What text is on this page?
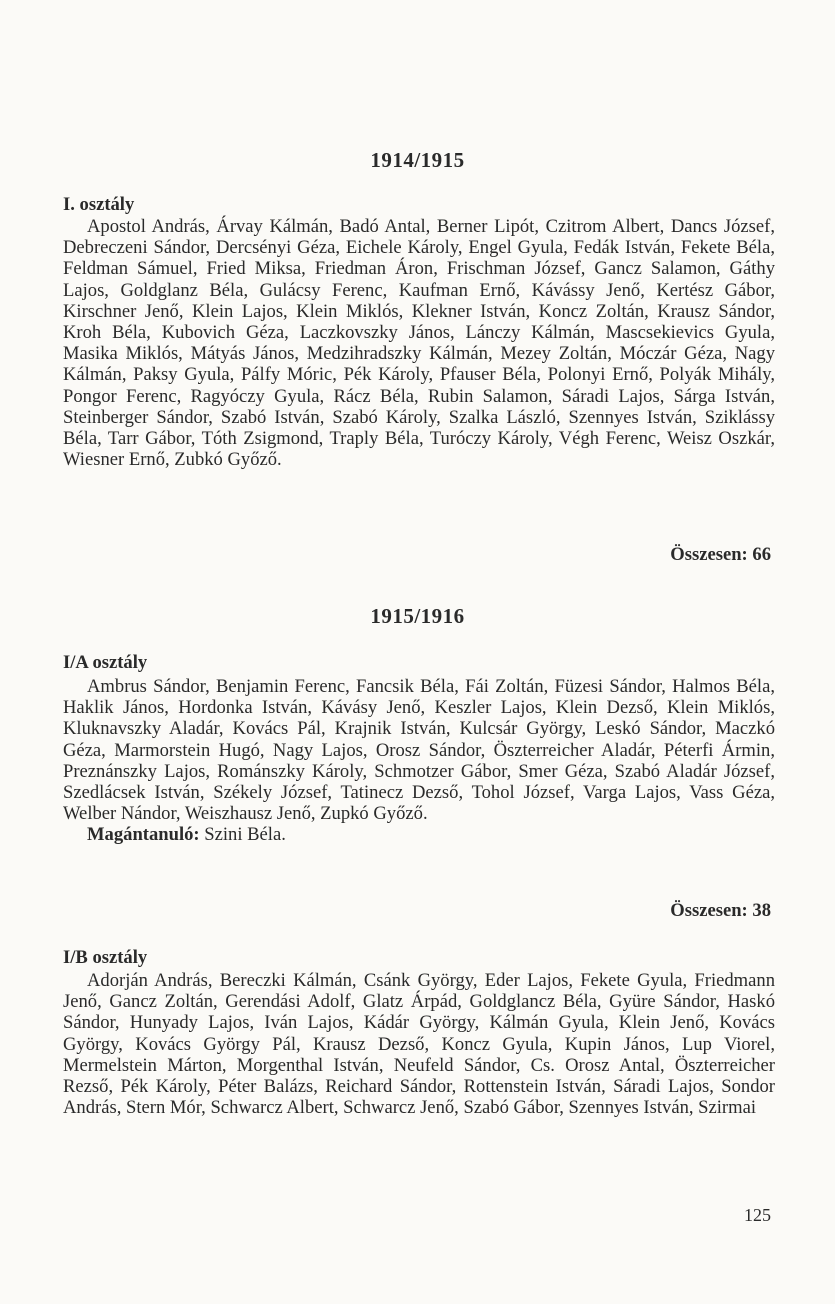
1914/1915
I. osztály

Apostol András, Árvay Kálmán, Badó Antal, Berner Lipót, Czitrom Albert, Dancs József, Debreczeni Sándor, Dercsényi Géza, Eichele Károly, Engel Gyula, Fedák István, Fekete Béla, Feldman Sámuel, Fried Miksa, Friedman Áron, Frischman József, Gancz Salamon, Gáthy Lajos, Goldglanz Béla, Gulácsy Ferenc, Kaufman Ernő, Kávássy Jenő, Kertész Gábor, Kirschner Jenő, Klein Lajos, Klein Miklós, Klekner István, Koncz Zoltán, Krausz Sándor, Kroh Béla, Kubovich Géza, Laczkovszky János, Lánczy Kálmán, Mascsekievics Gyula, Masika Miklós, Mátyás János, Medzihradszky Kálmán, Mezey Zoltán, Móczár Géza, Nagy Kálmán, Paksy Gyula, Pálfy Móric, Pék Károly, Pfauser Béla, Polonyi Ernő, Polyák Mihály, Pongor Ferenc, Ragyóczy Gyula, Rácz Béla, Rubin Salamon, Sáradi Lajos, Sárga István, Steinberger Sándor, Szabó István, Szabó Károly, Szalka László, Szennyes István, Sziklássy Béla, Tarr Gábor, Tóth Zsigmond, Traply Béla, Turóczy Károly, Végh Ferenc, Weisz Oszkár, Wiesner Ernő, Zubkó Győző.

Összesen: 66
1915/1916
I/A osztály

Ambrus Sándor, Benjamin Ferenc, Fancsik Béla, Fái Zoltán, Füzesi Sándor, Halmos Béla, Haklik János, Hordonka István, Kávásy Jenő, Keszler Lajos, Klein Dezső, Klein Miklós, Kluknavszky Aladár, Kovács Pál, Krajnik István, Kulcsár György, Leskó Sándor, Maczkó Géza, Marmorstein Hugó, Nagy Lajos, Orosz Sándor, Öszterreicher Aladár, Péterfi Ármin, Preznánszky Lajos, Románszky Károly, Schmotzer Gábor, Smer Géza, Szabó Aladár József, Szedlácsek István, Székely József, Tatinecz Dezső, Tohol József, Varga Lajos, Vass Géza, Welber Nándor, Weiszhausz Jenő, Zupkó Győző.

Magántanuló: Szini Béla.

Összesen: 38
I/B osztály

Adorján András, Bereczki Kálmán, Csánk György, Eder Lajos, Fekete Gyula, Friedmann Jenő, Gancz Zoltán, Gerendási Adolf, Glatz Árpád, Goldglancz Béla, Gyüre Sándor, Haskó Sándor, Hunyady Lajos, Iván Lajos, Kádár György, Kálmán Gyula, Klein Jenő, Kovács György, Kovács György Pál, Krausz Dezső, Koncz Gyula, Kupin János, Lup Viorel, Mermelstein Márton, Morgenthal István, Neufeld Sándor, Cs. Orosz Antal, Öszterreicher Rezső, Pék Károly, Péter Balázs, Reichard Sándor, Rottenstein István, Sáradi Lajos, Sondor András, Stern Mór, Schwarcz Albert, Schwarcz Jenő, Szabó Gábor, Szennyes István, Szirmai

125
